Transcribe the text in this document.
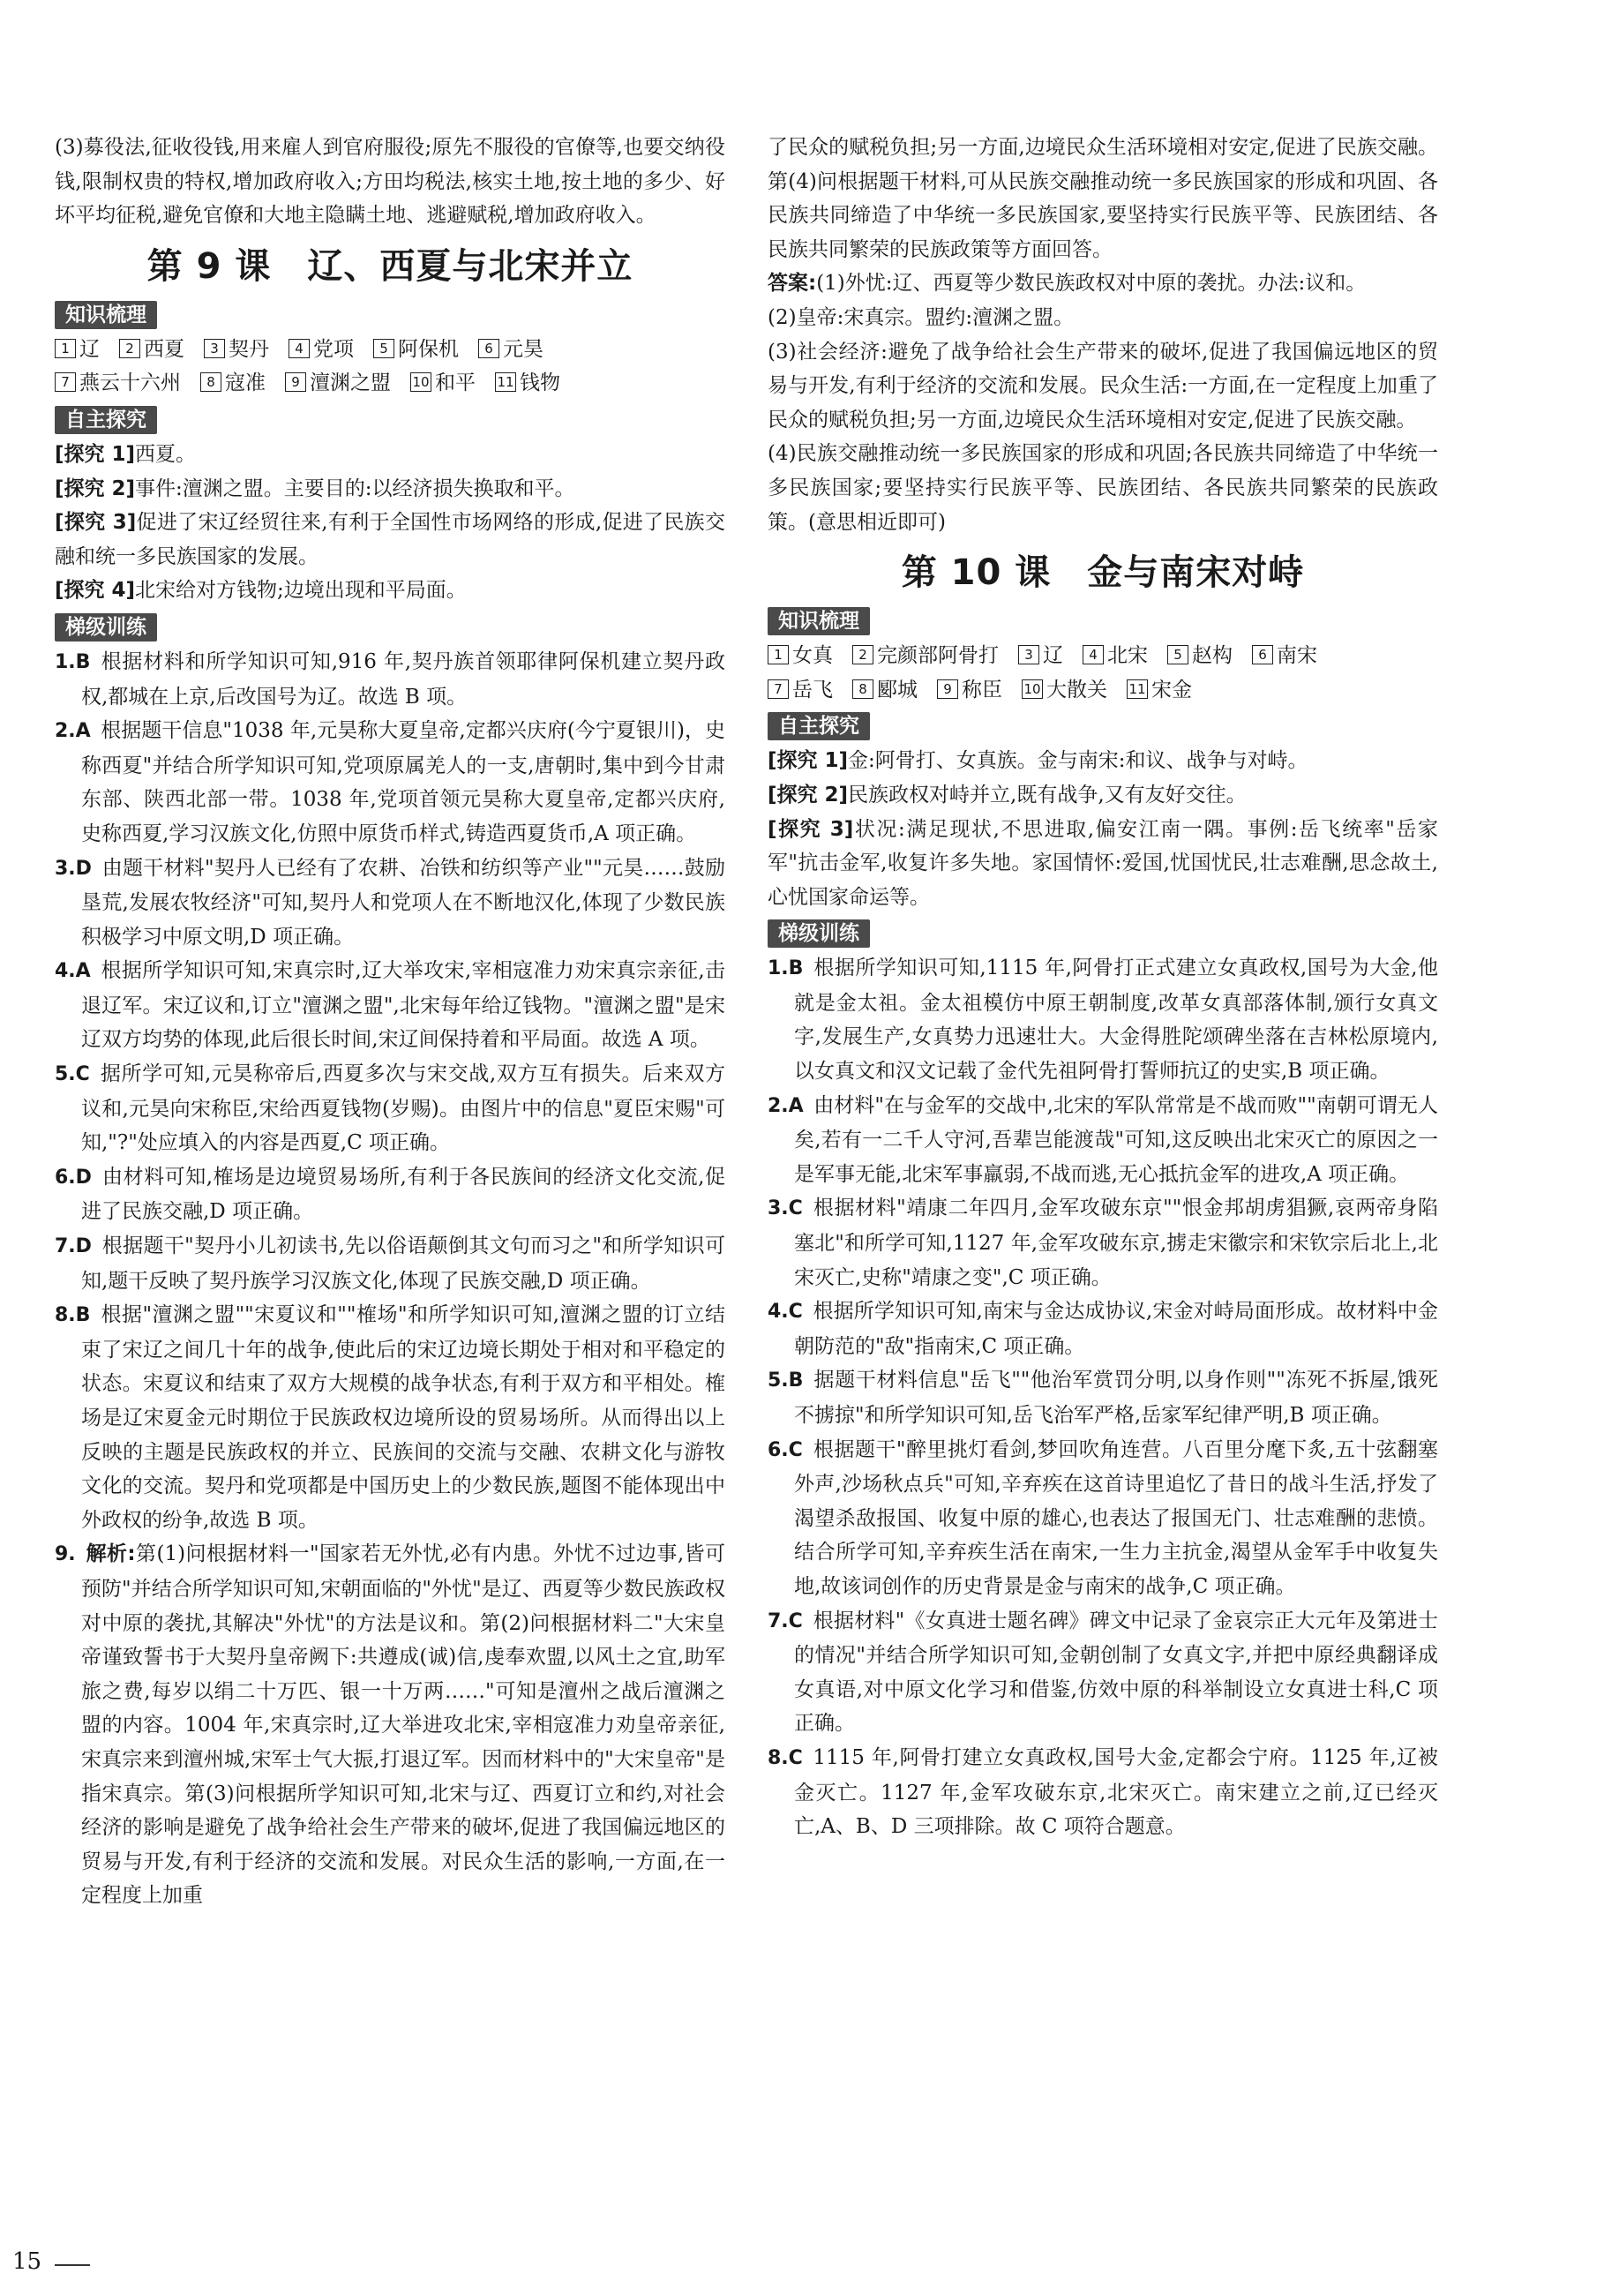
(3)募役法,征收役钱,用来雇人到官府服役;原先不服役的官僚等,也要交纳役钱,限制权贵的特权,增加政府收入;方田均税法,核实土地,按土地的多少、好坏平均征税,避免官僚和大地主隐瞒土地、逃避赋税,增加政府收入。

第 9 课　辽、西夏与北宋并立
知识梳理
1 辽 2 西夏 3 契丹 4 党项 5 阿保机 6 元昊
7 燕云十六州 8 寇准 9 澶渊之盟 10 和平 11 钱物
自主探究

[探究 1]西夏。

[探究 2]事件:澶渊之盟。主要目的:以经济损失换取和平。

[探究 3]促进了宋辽经贸往来,有利于全国性市场网络的形成,促进了民族交融和统一多民族国家的发展。

[探究 4]北宋给对方钱物;边境出现和平局面。

梯级训练

1.B  根据材料和所学知识可知,916 年,契丹族首领耶律阿保机建立契丹政权,都城在上京,后改国号为辽。故选 B 项。

2.A  根据题干信息"1038 年,元昊称大夏皇帝,定都兴庆府(今宁夏银川)，史称西夏"并结合所学知识可知,党项原属羌人的一支,唐朝时,集中到今甘肃东部、陕西北部一带。1038 年,党项首领元昊称大夏皇帝,定都兴庆府,史称西夏,学习汉族文化,仿照中原货币样式,铸造西夏货币,A 项正确。

3.D  由题干材料"契丹人已经有了农耕、冶铁和纺织等产业""元昊……鼓励垦荒,发展农牧经济"可知,契丹人和党项人在不断地汉化,体现了少数民族积极学习中原文明,D 项正确。

4.A  根据所学知识可知,宋真宗时,辽大举攻宋,宰相寇准力劝宋真宗亲征,击退辽军。宋辽议和,订立"澶渊之盟",北宋每年给辽钱物。"澶渊之盟"是宋辽双方均势的体现,此后很长时间,宋辽间保持着和平局面。故选 A 项。

5.C  据所学可知,元昊称帝后,西夏多次与宋交战,双方互有损失。后来双方议和,元昊向宋称臣,宋给西夏钱物(岁赐)。由图片中的信息"夏臣宋赐"可知,"?"处应填入的内容是西夏,C 项正确。

6.D  由材料可知,榷场是边境贸易场所,有利于各民族间的经济文化交流,促进了民族交融,D 项正确。

7.D  根据题干"契丹小儿初读书,先以俗语颠倒其文句而习之"和所学知识可知,题干反映了契丹族学习汉族文化,体现了民族交融,D 项正确。

8.B  根据"澶渊之盟""宋夏议和""榷场"和所学知识可知,澶渊之盟的订立结束了宋辽之间几十年的战争,使此后的宋辽边境长期处于相对和平稳定的状态。宋夏议和结束了双方大规模的战争状态,有利于双方和平相处。榷场是辽宋夏金元时期位于民族政权边境所设的贸易场所。从而得出以上反映的主题是民族政权的并立、民族间的交流与交融、农耕文化与游牧文化的交流。契丹和党项都是中国历史上的少数民族,题图不能体现出中外政权的纷争,故选 B 项。

9.  解析:第(1)问根据材料一"国家若无外忧,必有内患。外忧不过边事,皆可预防"并结合所学知识可知,宋朝面临的"外忧"是辽、西夏等少数民族政权对中原的袭扰,其解决"外忧"的方法是议和。第(2)问根据材料二"大宋皇帝谨致誓书于大契丹皇帝阙下:共遵成(诚)信,虔奉欢盟,以风土之宜,助军旅之费,每岁以绢二十万匹、银一十万两……"可知是澶州之战后澶渊之盟的内容。1004 年,宋真宗时,辽大举进攻北宋,宰相寇准力劝皇帝亲征,宋真宗来到澶州城,宋军士气大振,打退辽军。因而材料中的"大宋皇帝"是指宋真宗。第(3)问根据所学知识可知,北宋与辽、西夏订立和约,对社会经济的影响是避免了战争给社会生产带来的破坏,促进了我国偏远地区的贸易与开发,有利于经济的交流和发展。对民众生活的影响,一方面,在一定程度上加重

了民众的赋税负担;另一方面,边境民众生活环境相对安定,促进了民族交融。第(4)问根据题干材料,可从民族交融推动统一多民族国家的形成和巩固、各民族共同缔造了中华统一多民族国家,要坚持实行民族平等、民族团结、各民族共同繁荣的民族政策等方面回答。

答案:(1)外忧:辽、西夏等少数民族政权对中原的袭扰。办法:议和。

(2)皇帝:宋真宗。盟约:澶渊之盟。

(3)社会经济:避免了战争给社会生产带来的破坏,促进了我国偏远地区的贸易与开发,有利于经济的交流和发展。民众生活:一方面,在一定程度上加重了民众的赋税负担;另一方面,边境民众生活环境相对安定,促进了民族交融。

(4)民族交融推动统一多民族国家的形成和巩固;各民族共同缔造了中华统一多民族国家;要坚持实行民族平等、民族团结、各民族共同繁荣的民族政策。(意思相近即可)

第 10 课　金与南宋对峙
知识梳理
1 女真 2 完颜部阿骨打 3 辽 4 北宋 5 赵构 6 南宋
7 岳飞 8 郾城 9 称臣 10 大散关 11 宋金
自主探究

[探究 1]金:阿骨打、女真族。金与南宋:和议、战争与对峙。

[探究 2]民族政权对峙并立,既有战争,又有友好交往。

[探究 3]状况:满足现状,不思进取,偏安江南一隅。事例:岳飞统率"岳家军"抗击金军,收复许多失地。家国情怀:爱国,忧国忧民,壮志难酬,思念故土,心忧国家命运等。

梯级训练

1.B  根据所学知识可知,1115 年,阿骨打正式建立女真政权,国号为大金,他就是金太祖。金太祖模仿中原王朝制度,改革女真部落体制,颁行女真文字,发展生产,女真势力迅速壮大。大金得胜陀颂碑坐落在吉林松原境内,以女真文和汉文记载了金代先祖阿骨打誓师抗辽的史实,B 项正确。

2.A  由材料"在与金军的交战中,北宋的军队常常是不战而败""南朝可谓无人矣,若有一二千人守河,吾辈岂能渡哉"可知,这反映出北宋灭亡的原因之一是军事无能,北宋军事羸弱,不战而逃,无心抵抗金军的进攻,A 项正确。

3.C  根据材料"靖康二年四月,金军攻破东京""恨金邦胡虏猖獗,哀两帝身陷塞北"和所学可知,1127 年,金军攻破东京,掳走宋徽宗和宋钦宗后北上,北宋灭亡,史称"靖康之变",C 项正确。

4.C  根据所学知识可知,南宋与金达成协议,宋金对峙局面形成。故材料中金朝防范的"敌"指南宋,C 项正确。

5.B  据题干材料信息"岳飞""他治军赏罚分明,以身作则""冻死不拆屋,饿死不掳掠"和所学知识可知,岳飞治军严格,岳家军纪律严明,B 项正确。

6.C  根据题干"醉里挑灯看剑,梦回吹角连营。八百里分麾下炙,五十弦翻塞外声,沙场秋点兵"可知,辛弃疾在这首诗里追忆了昔日的战斗生活,抒发了渴望杀敌报国、收复中原的雄心,也表达了报国无门、壮志难酬的悲愤。结合所学可知,辛弃疾生活在南宋,一生力主抗金,渴望从金军手中收复失地,故该词创作的历史背景是金与南宋的战争,C 项正确。

7.C  根据材料"《女真进士题名碑》碑文中记录了金哀宗正大元年及第进士的情况"并结合所学知识可知,金朝创制了女真文字,并把中原经典翻译成女真语,对中原文化学习和借鉴,仿效中原的科举制设立女真进士科,C 项正确。

8.C  1115 年,阿骨打建立女真政权,国号大金,定都会宁府。1125 年,辽被金灭亡。1127 年,金军攻破东京,北宋灭亡。南宋建立之前,辽已经灭亡,A、B、D 三项排除。故 C 项符合题意。

15
